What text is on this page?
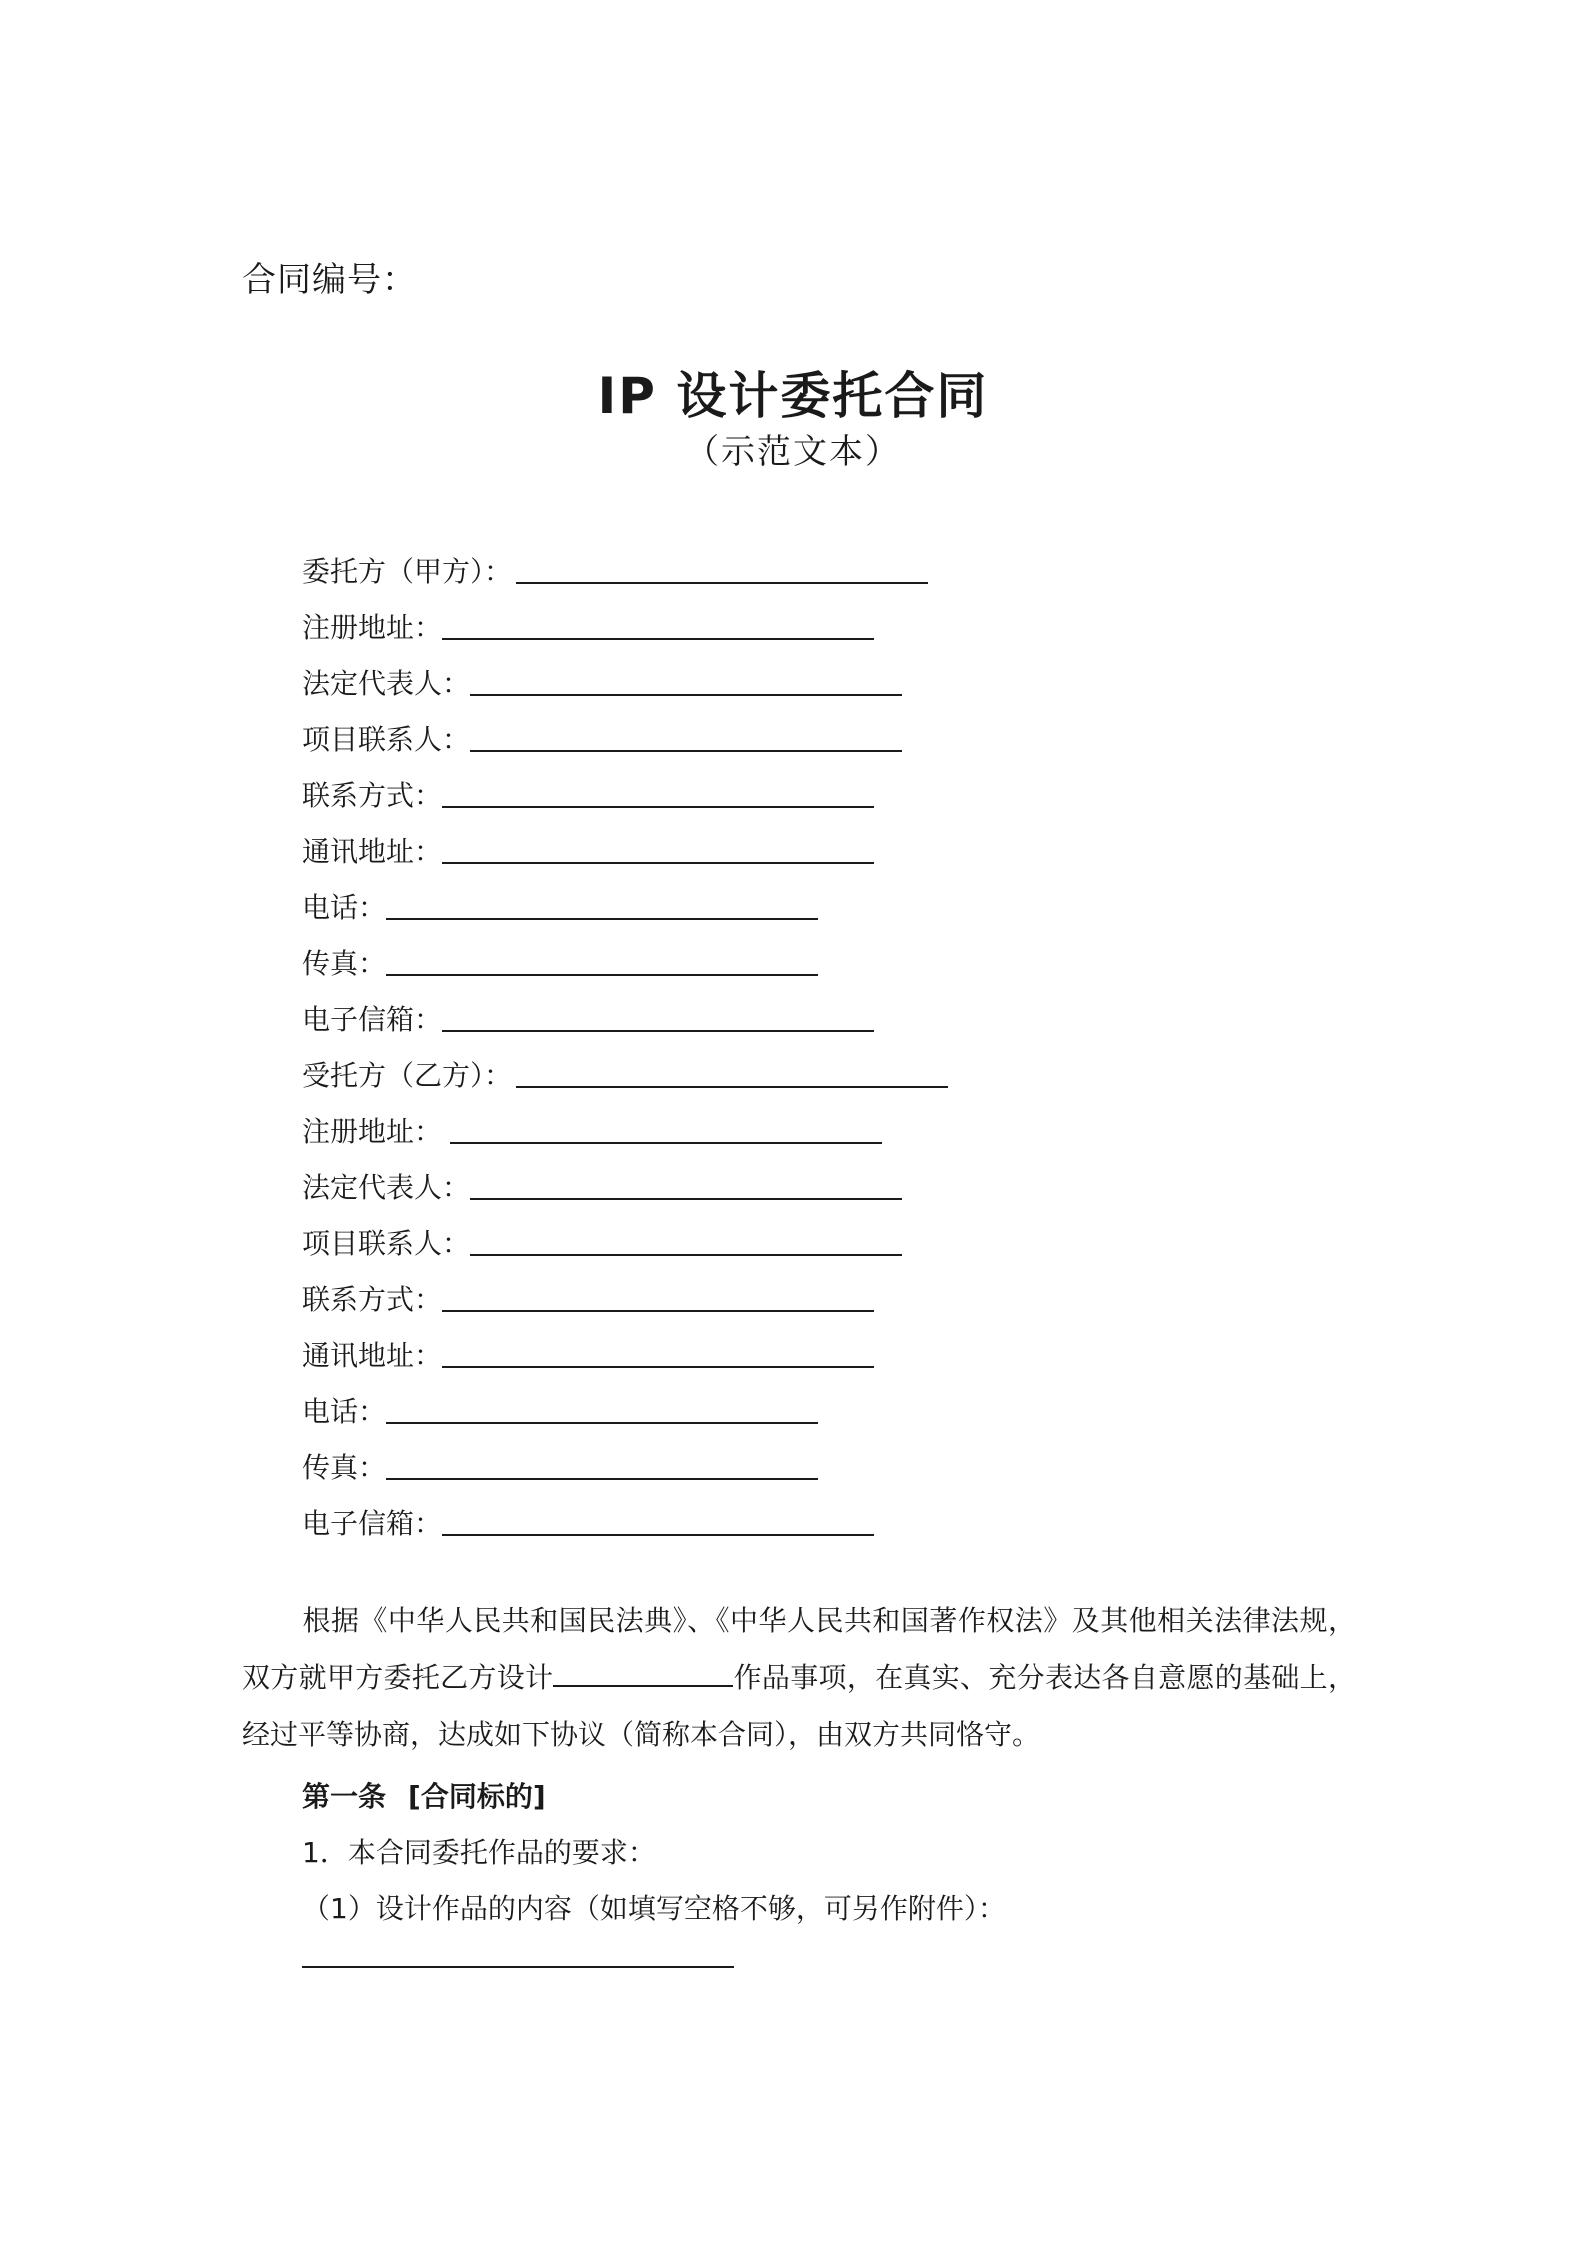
合同编号：
IP 设计委托合同
（示范文本）
委托方（甲方）：
注册地址：
法定代表人：
项目联系人：
联系方式：
通讯地址：
电话：
传真：
电子信箱：
受托方（乙方）：
注册地址：
法定代表人：
项目联系人：
联系方式：
通讯地址：
电话：
传真：
电子信箱：
根据《中华人民共和国民法典》、《中华人民共和国著作权法》及其他相关法律法规，双方就甲方委托乙方设计	作品事项，在真实、充分表达各自意愿的基础上，经过平等协商，达成如下协议（简称本合同），由双方共同恪守。
第一条 [合同标的]
1．本合同委托作品的要求：
（1）设计作品的内容（如填写空格不够，可另作附件）：
